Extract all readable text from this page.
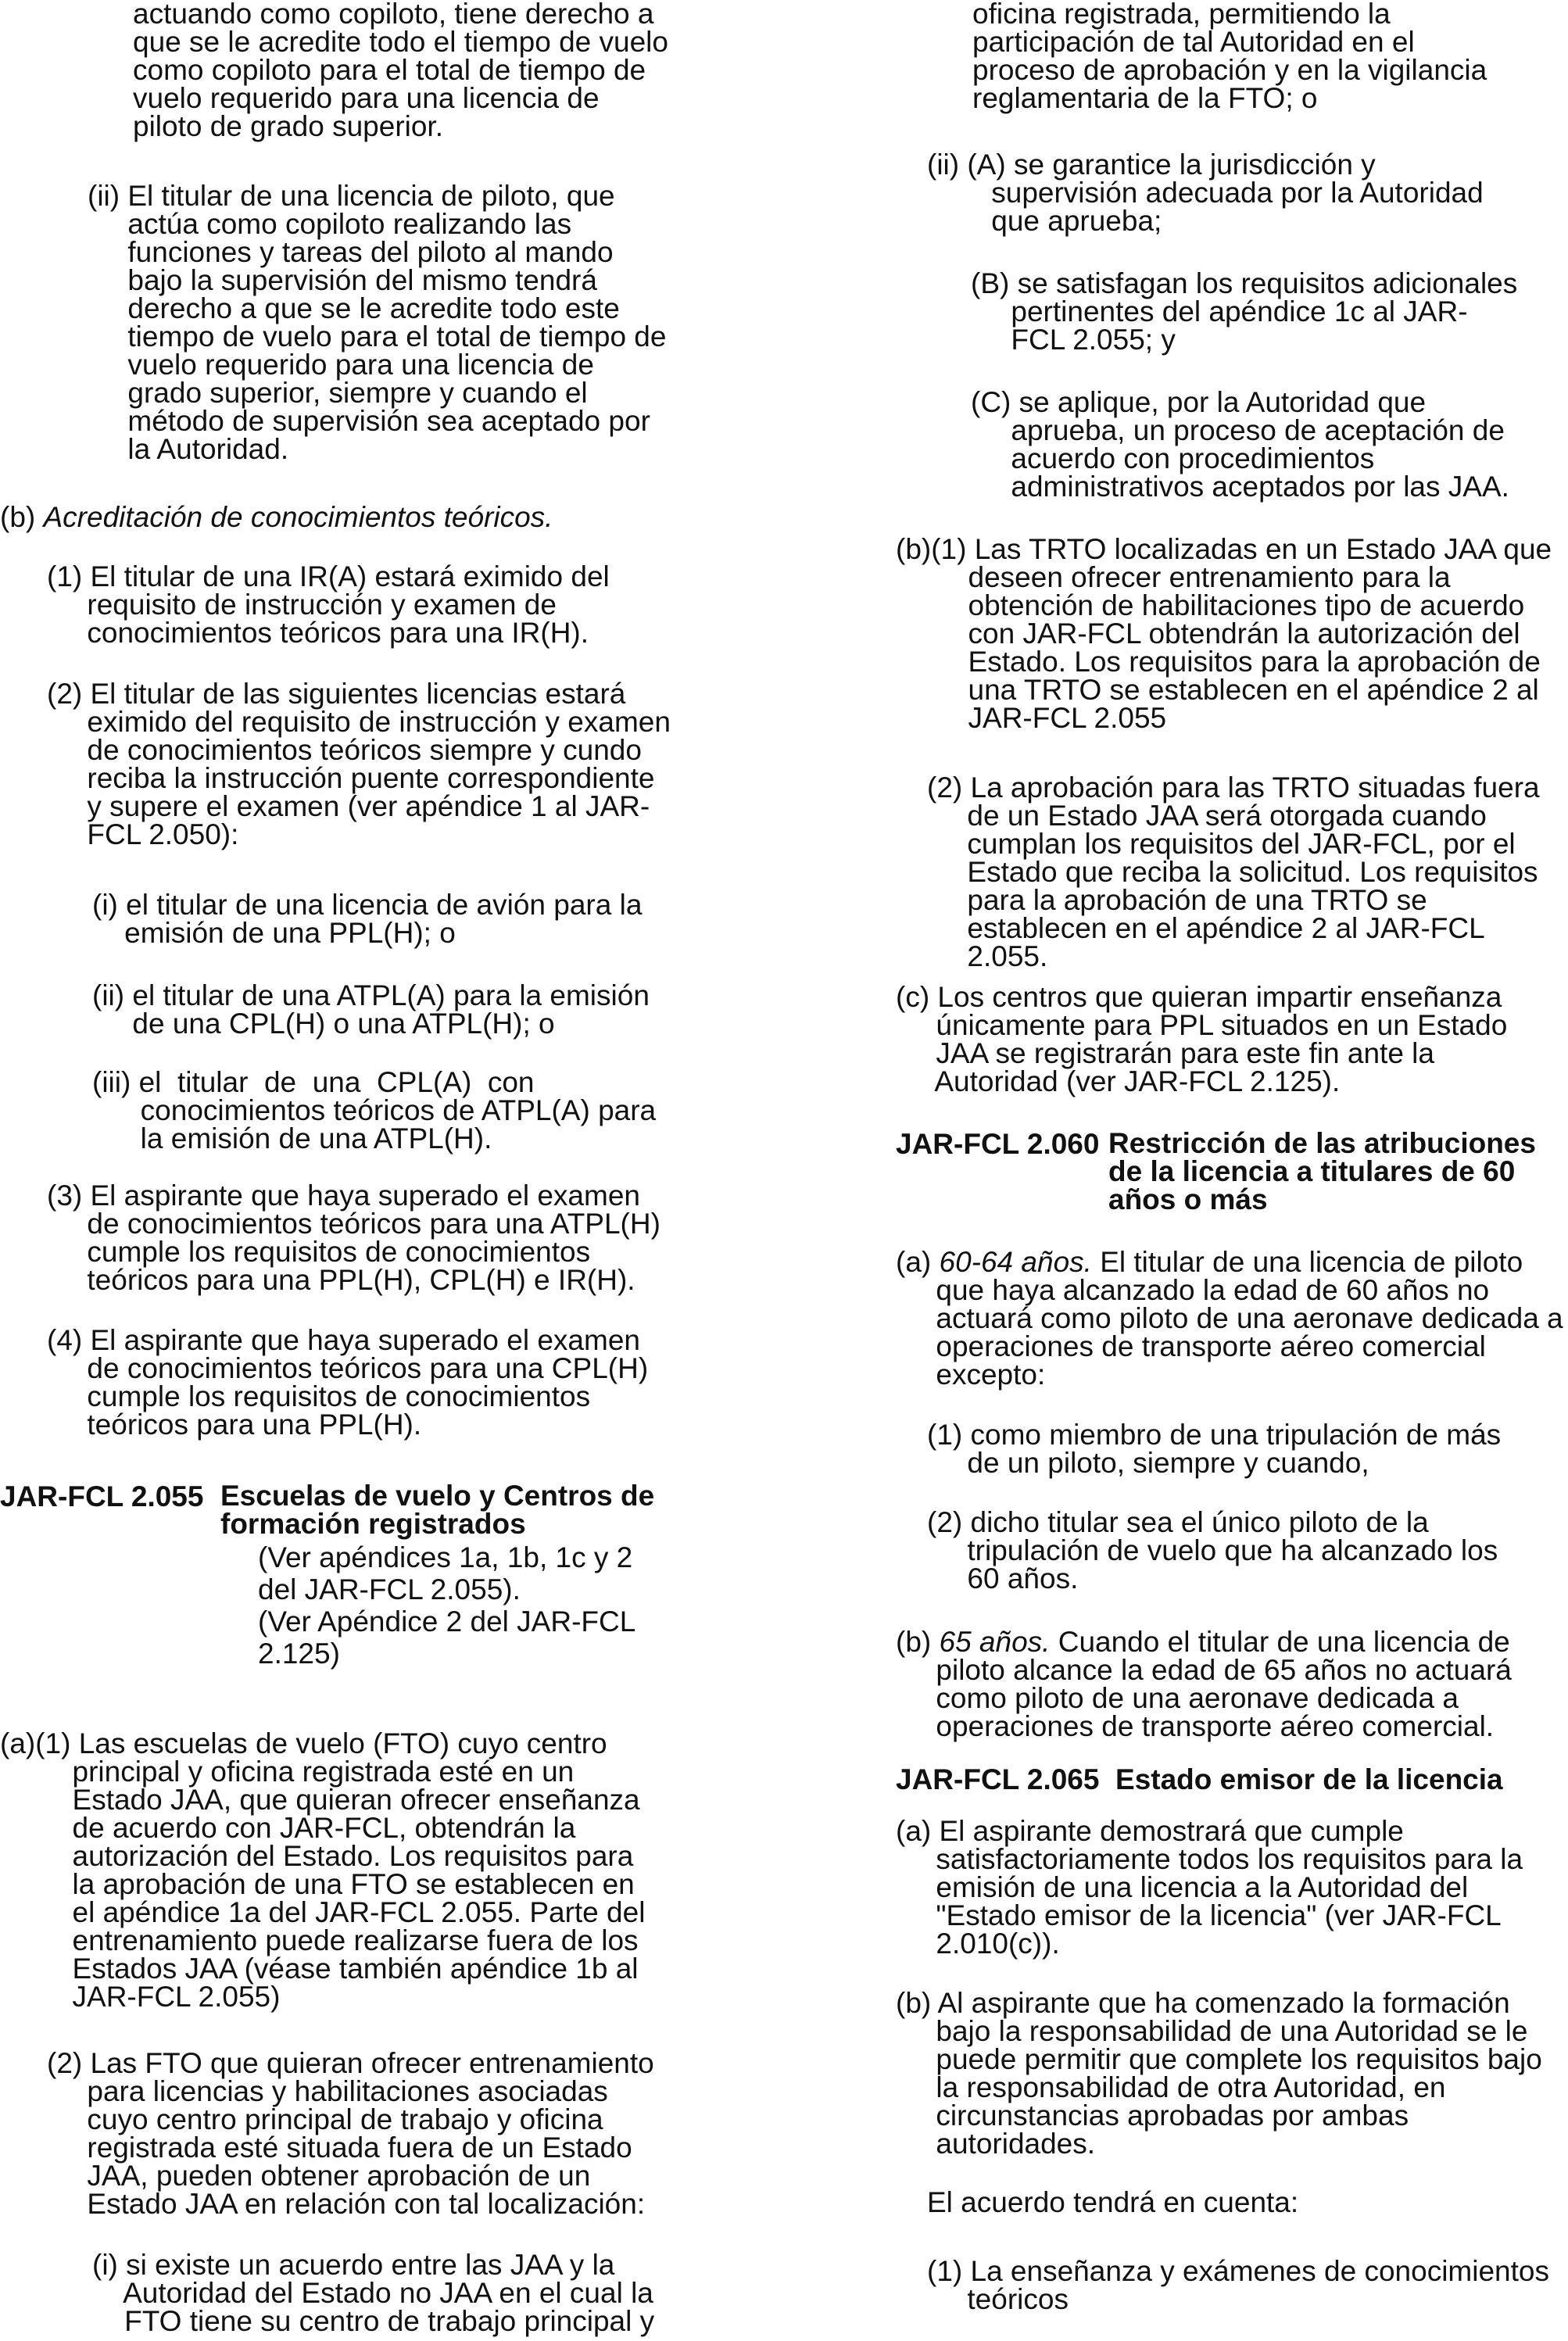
actuando como copiloto, tiene derecho a
que se le acredite todo el tiempo de vuelo
como copiloto para el total de tiempo de
vuelo requerido para una licencia de
piloto de grado superior.
(ii) El titular de una licencia de piloto, que
actúa como copiloto realizando las
funciones y tareas del piloto al mando
bajo la supervisión del mismo tendrá
derecho a que se le acredite todo este
tiempo de vuelo para el total de tiempo de
vuelo requerido para una licencia de
grado superior, siempre y cuando el
método de supervisión sea aceptado por
la Autoridad.
(b) Acreditación de conocimientos teóricos.
(1) El titular de una IR(A) estará eximido del
requisito de instrucción y examen de
conocimientos teóricos para una IR(H).
(2) El titular de las siguientes licencias estará
eximido del requisito de instrucción y examen
de conocimientos teóricos siempre y cundo
reciba la instrucción puente correspondiente
y supere el examen (ver apéndice 1 al JAR-
FCL 2.050):
(i) el titular de una licencia de avión para la
emisión de una PPL(H); o
(ii) el titular de una ATPL(A) para la emisión
de una CPL(H) o una ATPL(H); o
(iii) el  titular  de  una  CPL(A)  con
conocimientos teóricos de ATPL(A) para
la emisión de una ATPL(H).
(3) El aspirante que haya superado el examen
de conocimientos teóricos para una ATPL(H)
cumple los requisitos de conocimientos
teóricos para una PPL(H), CPL(H) e IR(H).
(4) El aspirante que haya superado el examen
de conocimientos teóricos para una CPL(H)
cumple los requisitos de conocimientos
teóricos para una PPL(H).
JAR-FCL 2.055 Escuelas de vuelo y Centros de
formación registrados
(Ver apéndices 1a, 1b, 1c y 2
del JAR-FCL 2.055).
(Ver Apéndice 2 del JAR-FCL
2.125)
(a)(1) Las escuelas de vuelo (FTO) cuyo centro
principal y oficina registrada esté en un
Estado JAA, que quieran ofrecer enseñanza
de acuerdo con JAR-FCL, obtendrán la
autorización del Estado. Los requisitos para
la aprobación de una FTO se establecen en
el apéndice 1a del JAR-FCL 2.055. Parte del
entrenamiento puede realizarse fuera de los
Estados JAA (véase también apéndice 1b al
JAR-FCL 2.055)
(2) Las FTO que quieran ofrecer entrenamiento
para licencias y habilitaciones asociadas
cuyo centro principal de trabajo y oficina
registrada esté situada fuera de un Estado
JAA, pueden obtener aprobación de un
Estado JAA en relación con tal localización:
(i) si existe un acuerdo entre las JAA y la
Autoridad del Estado no JAA en el cual la
FTO tiene su centro de trabajo principal y
oficina registrada, permitiendo la
participación de tal Autoridad en el
proceso de aprobación y en la vigilancia
reglamentaria de la FTO; o
(ii) (A) se garantice la jurisdicción y
supervisión adecuada por la Autoridad
que aprueba;
(B) se satisfagan los requisitos adicionales
pertinentes del apéndice 1c al JAR-
FCL 2.055; y
(C) se aplique, por la Autoridad que
aprueba, un proceso de aceptación de
acuerdo con procedimientos
administrativos aceptados por las JAA.
(b)(1) Las TRTO localizadas en un Estado JAA que
deseen ofrecer entrenamiento para la
obtención de habilitaciones tipo de acuerdo
con JAR-FCL obtendrán la autorización del
Estado. Los requisitos para la aprobación de
una TRTO se establecen en el apéndice 2 al
JAR-FCL 2.055
(2) La aprobación para las TRTO situadas fuera
de un Estado JAA será otorgada cuando
cumplan los requisitos del JAR-FCL, por el
Estado que reciba la solicitud. Los requisitos
para la aprobación de una TRTO se
establecen en el apéndice 2 al JAR-FCL
2.055.
(c) Los centros que quieran impartir enseñanza
únicamente para PPL situados en un Estado
JAA se registrarán para este fin ante la
Autoridad (ver JAR-FCL 2.125).
JAR-FCL 2.060 Restricción de las atribuciones
de la licencia a titulares de 60
años o más
(a) 60-64 años. El titular de una licencia de piloto
que haya alcanzado la edad de 60 años no
actuará como piloto de una aeronave dedicada a
operaciones de transporte aéreo comercial
excepto:
(1) como miembro de una tripulación de más
de un piloto, siempre y cuando,
(2) dicho titular sea el único piloto de la
tripulación de vuelo que ha alcanzado los
60 años.
(b) 65 años. Cuando el titular de una licencia de
piloto alcance la edad de 65 años no actuará
como piloto de una aeronave dedicada a
operaciones de transporte aéreo comercial.
JAR-FCL 2.065  Estado emisor de la licencia
(a) El aspirante demostrará que cumple
satisfactoriamente todos los requisitos para la
emisión de una licencia a la Autoridad del
"Estado emisor de la licencia" (ver JAR-FCL
2.010(c)).
(b) Al aspirante que ha comenzado la formación
bajo la responsabilidad de una Autoridad se le
puede permitir que complete los requisitos bajo
la responsabilidad de otra Autoridad, en
circunstancias aprobadas por ambas
autoridades.
El acuerdo tendrá en cuenta:
(1) La enseñanza y exámenes de conocimientos
teóricos
